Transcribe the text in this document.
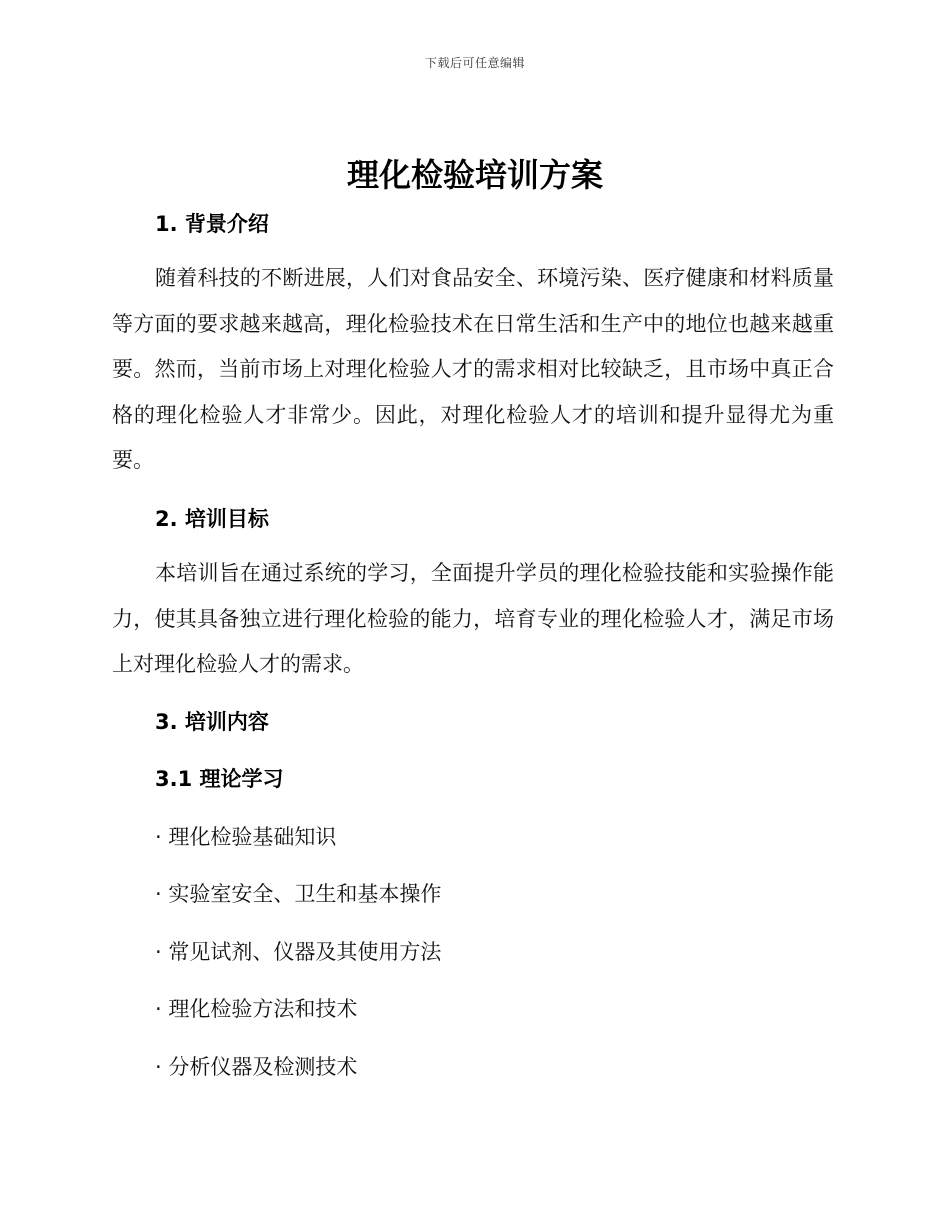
下载后可任意编辑
理化检验培训方案
1. 背景介绍

随着科技的不断进展，人们对食品安全、环境污染、医疗健康和材料质量等方面的要求越来越高，理化检验技术在日常生活和生产中的地位也越来越重要。然而，当前市场上对理化检验人才的需求相对比较缺乏，且市场中真正合格的理化检验人才非常少。因此，对理化检验人才的培训和提升显得尤为重要。

2. 培训目标

本培训旨在通过系统的学习，全面提升学员的理化检验技能和实验操作能力，使其具备独立进行理化检验的能力，培育专业的理化检验人才，满足市场上对理化检验人才的需求。

3. 培训内容
3.1 理论学习
· 理化检验基础知识
· 实验室安全、卫生和基本操作
· 常见试剂、仪器及其使用方法
· 理化检验方法和技术
· 分析仪器及检测技术
